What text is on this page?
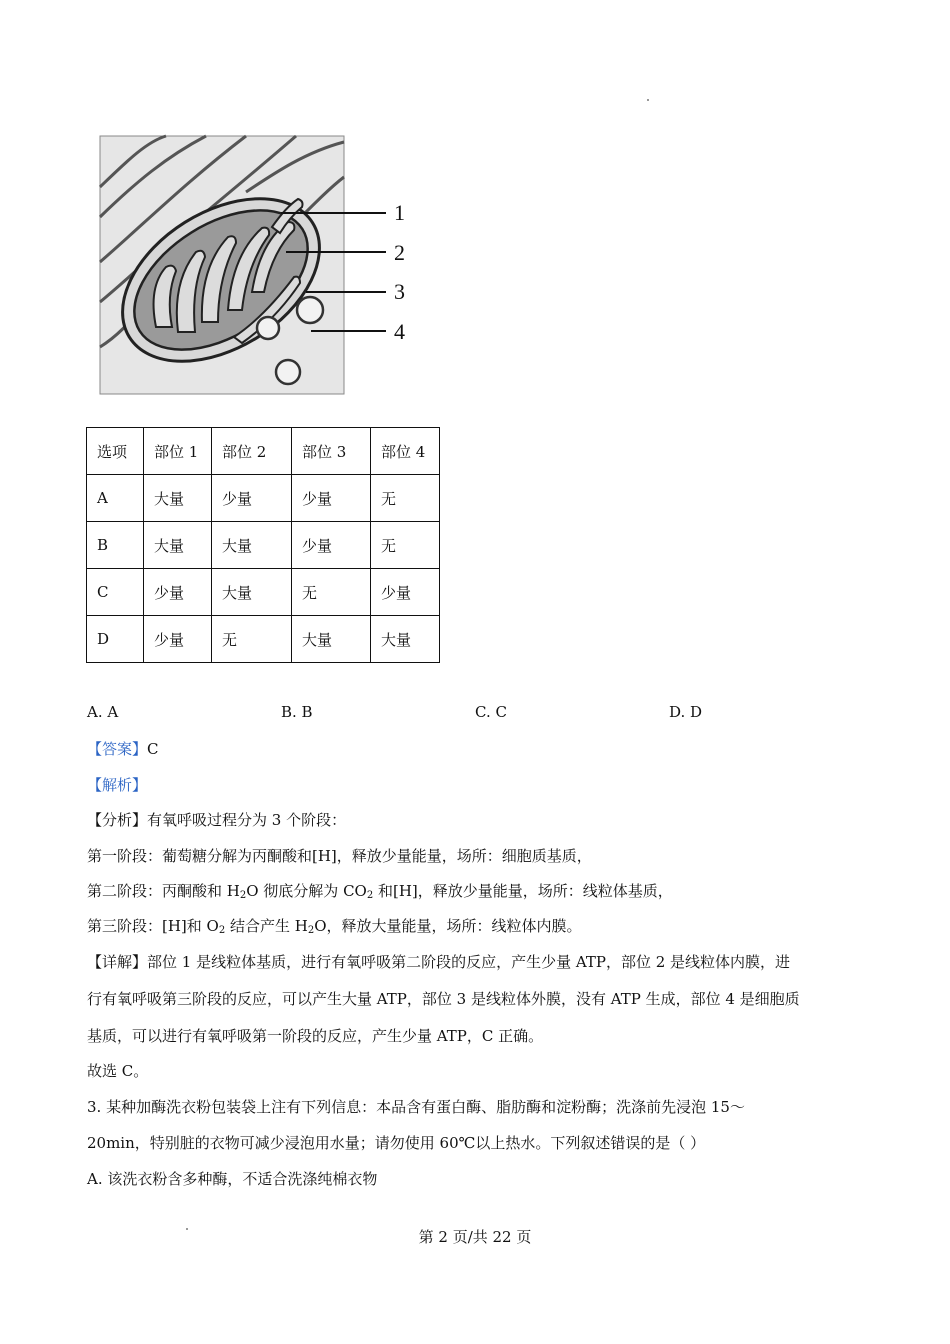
1
2
3
4
选项	部位 1	部位 2	部位 3	部位 4
A	大量	少量	少量	无
B	大量	大量	少量	无
C	少量	大量	无	少量
D	少量	无	大量	大量
A. A	B. B	C. C	D. D
【答案】C
【解析】
【分析】有氧呼吸过程分为 3 个阶段：
第一阶段：葡萄糖分解为丙酮酸和[H]，释放少量能量，场所：细胞质基质，
第二阶段：丙酮酸和 $H_2O$ 彻底分解为 $CO_2$ 和[H]，释放少量能量，场所：线粒体基质，
第三阶段：[H]和 $O_2$ 结合产生 $H_2O$，释放大量能量，场所：线粒体内膜。
【详解】部位 1 是线粒体基质，进行有氧呼吸第二阶段的反应，产生少量 ATP，部位 2 是线粒体内膜，进
行有氧呼吸第三阶段的反应，可以产生大量 ATP，部位 3 是线粒体外膜，没有 ATP 生成，部位 4 是细胞质
基质，可以进行有氧呼吸第一阶段的反应，产生少量 ATP，C 正确。
故选 C。
3. 某种加酶洗衣粉包装袋上注有下列信息：本品含有蛋白酶、脂肪酶和淀粉酶；洗涤前先浸泡 15～
20min，特别脏的衣物可减少浸泡用水量；请勿使用 60℃以上热水。下列叙述错误的是（ ）
A. 该洗衣粉含多种酶，不适合洗涤纯棉衣物
第 2 页/共 22 页
